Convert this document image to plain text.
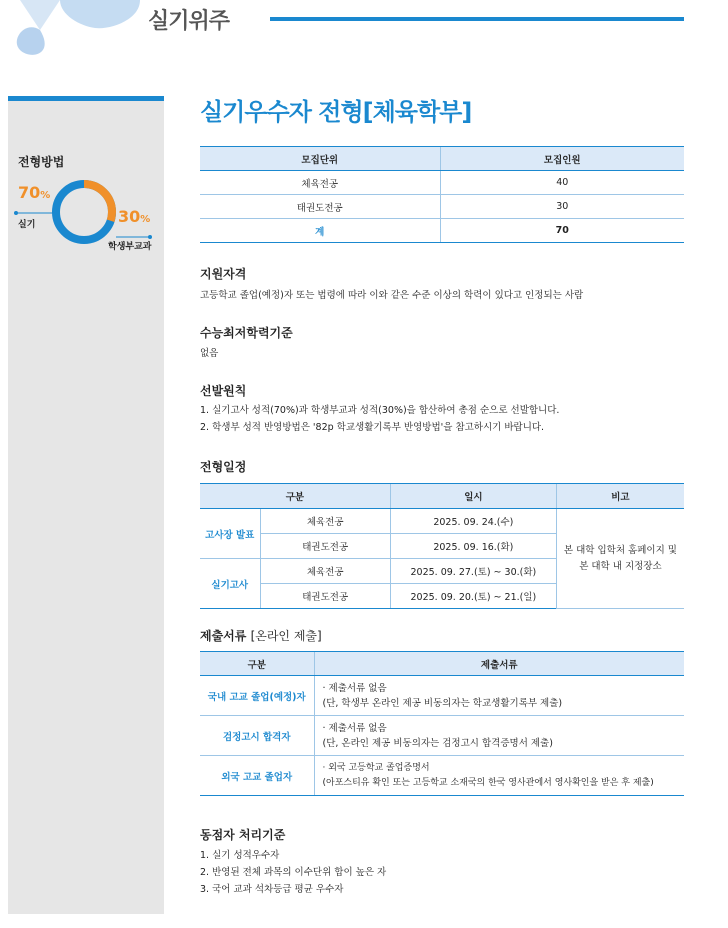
실기위주
전형방법
70%
실기	30%
학생부교과
실기우수자 전형[체육학부]
모집단위	모집인원
체육전공	40
태권도전공	30
계	70
지원자격
고등학교 졸업(예정)자 또는 법령에 따라 이와 같은 수준 이상의 학력이 있다고 인정되는 사람
수능최저학력기준
없음
선발원칙
1. 실기고사 성적(70%)과 학생부교과 성적(30%)을 합산하여 총점 순으로 선발합니다.
2. 학생부 성적 반영방법은 '82p 학교생활기록부 반영방법'을 참고하시기 바랍니다.
전형일정
구분		일시	비고
고사장 발표	체육전공	2025. 09. 24.(수)	본 대학 입학처 홈페이지 및
본 대학 내 지정장소

	태권도전공	2025. 09. 16.(화)	
실기고사	체육전공	2025. 09. 27.(토) ~ 30.(화)	
	태권도전공	2025. 09. 20.(토) ~ 21.(일)	
제출서류 [온라인 제출]
구분	제출서류
국내 고교 졸업(예정)자	· 제출서류 없음
(단, 학생부 온라인 제공 비동의자는 학교생활기록부 제출)

검정고시 합격자	· 제출서류 없음
(단, 온라인 제공 비동의자는 검정고시 합격증명서 제출)

외국 고교 졸업자	· 외국 고등학교 졸업증명서
(아포스티유 확인 또는 고등학교 소재국의 한국 영사관에서 영사확인을 받은 후 제출)
동점자 처리기준
1. 실기 성적우수자
2. 반영된 전체 과목의 이수단위 합이 높은 자
3. 국어 교과 석차등급 평균 우수자
